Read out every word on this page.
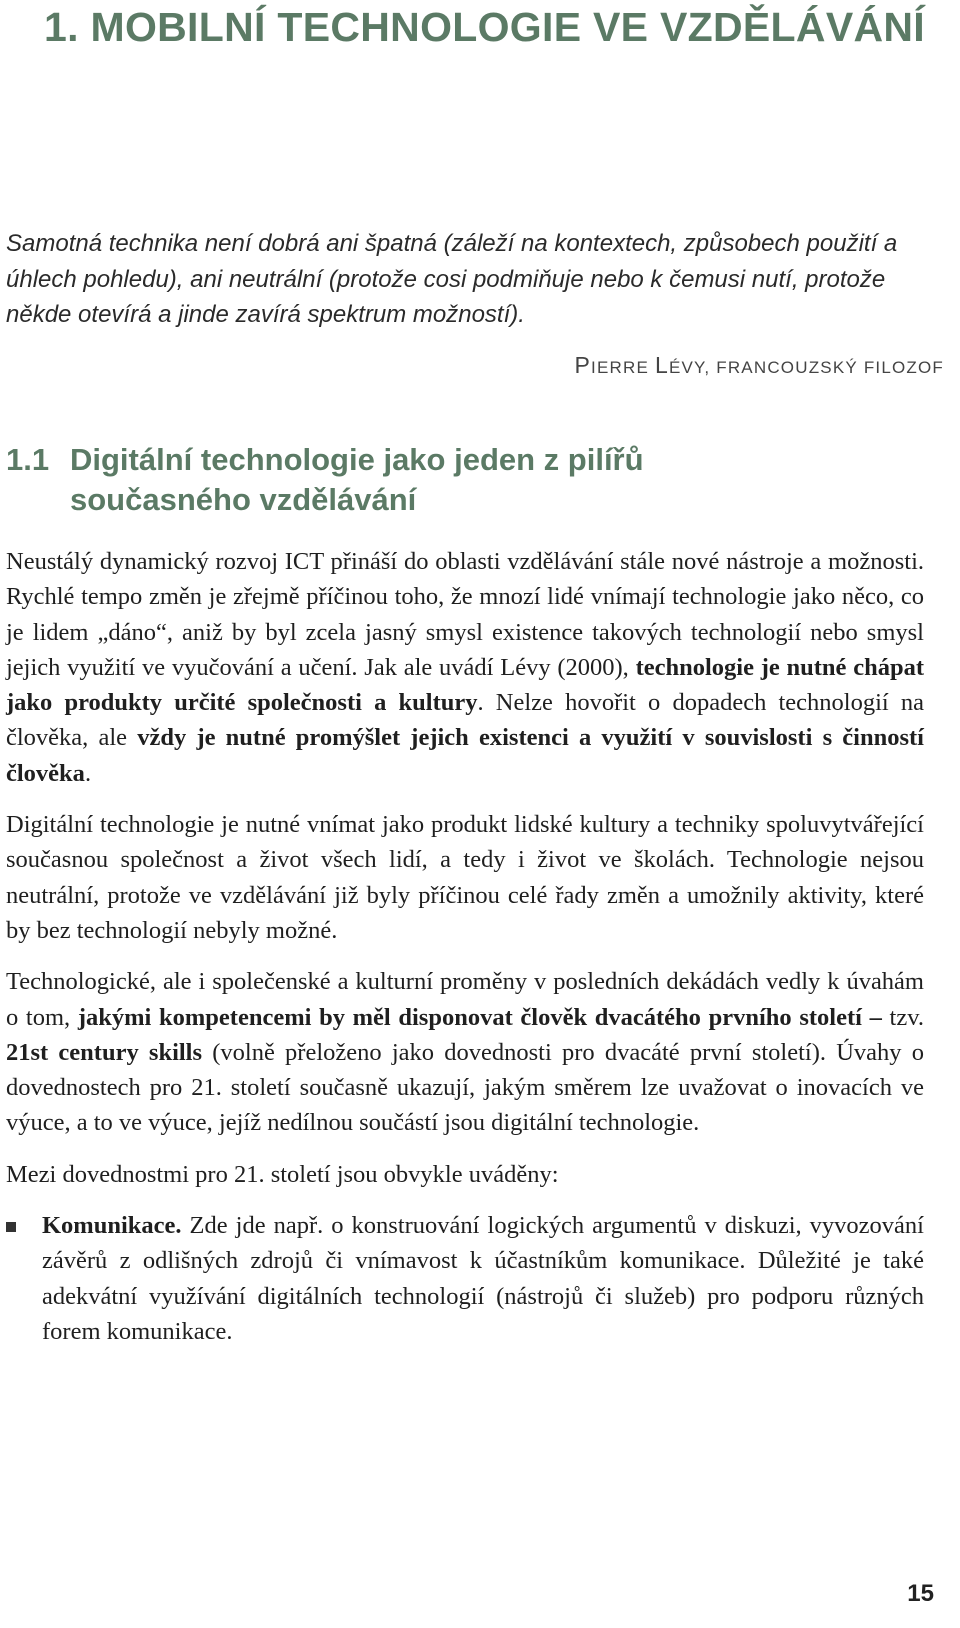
1. MOBILNÍ TECHNOLOGIE VE VZDĚLÁVÁNÍ

Samotná technika není dobrá ani špatná (záleží na kontextech, způsobech použití a úhlech pohledu), ani neutrální (protože cosi podmiňuje nebo k čemusi nutí, protože někde otevírá a jinde zavírá spektrum možností).

PIERRE LÉVY, FRANCOUZSKÝ FILOZOF
1.1 Digitální technologie jako jeden z pilířů
současného vzdělávání

Neustálý dynamický rozvoj ICT přináší do oblasti vzdělávání stále nové nástroje a možnosti. Rychlé tempo změn je zřejmě příčinou toho, že mnozí lidé vnímají technologie jako něco, co je lidem „dáno“, aniž by byl zcela jasný smysl existence takových technologií nebo smysl jejich využití ve vyučování a učení. Jak ale uvádí Lévy (2000), technologie je nutné chápat jako produkty určité společnosti a kultury. Nelze hovořit o dopadech technologií na člověka, ale vždy je nutné promýšlet jejich existenci a využití v souvislosti s činností člověka.

Digitální technologie je nutné vnímat jako produkt lidské kultury a techniky spoluvytvářející současnou společnost a život všech lidí, a tedy i život ve školách. Technologie nejsou neutrální, protože ve vzdělávání již byly příčinou celé řady změn a umožnily aktivity, které by bez technologií nebyly možné.

Technologické, ale i společenské a kulturní proměny v posledních dekádách vedly k úvahám o tom, jakými kompetencemi by měl disponovat člověk dvacátého prvního století – tzv. 21st century skills (volně přeloženo jako dovednosti pro dvacáté první století). Úvahy o dovednostech pro 21. století současně ukazují, jakým směrem lze uvažovat o inovacích ve výuce, a to ve výuce, jejíž nedílnou součástí jsou digitální technologie.

Mezi dovednostmi pro 21. století jsou obvykle uváděny:

Komunikace. Zde jde např. o konstruování logických argumentů v diskuzi, vyvozování závěrů z odlišných zdrojů či vnímavost k účastníkům komunikace. Důležité je také adekvátní využívání digitálních technologií (nástrojů či služeb) pro podporu různých forem komunikace.
15
